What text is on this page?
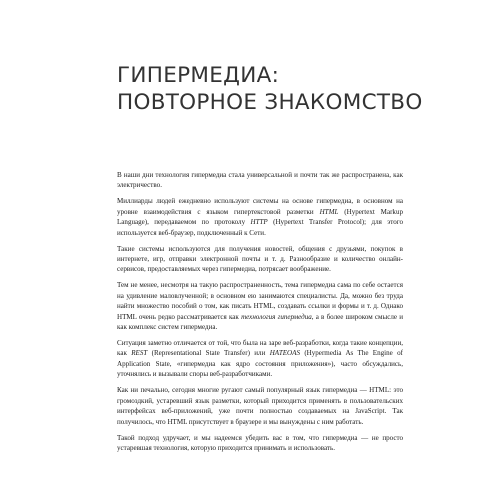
ГИПЕРМЕДИА:
ПОВТОРНОЕ ЗНАКОМСТВО

В наши дни технология гипермедиа стала универсальной и почти так же распространена, как электричество.

Миллиарды людей ежедневно используют системы на основе гипермедиа, в основном на уровне взаимодействия с языком гипертекстовой разметки HTML (Hypertext Markup Language), передаваемом по протоколу HTTP (Hypertext Transfer Protocol); для этого используется веб-браузер, подключенный к Сети.

Такие системы используются для получения новостей, общения с друзьями, покупок в интернете, игр, отправки электронной почты и т. д. Разнообразие и количество онлайн-сервисов, предоставляемых через гипермедиа, потрясает воображение.

Тем не менее, несмотря на такую распространенность, тема гипермедиа сама по себе остается на удивление маловлученной; в основном ею занимаются специалисты. Да, можно без труда найти множество пособий о том, как писать HTML, создавать ссылки и формы и т. д. Однако HTML очень редко рассматривается как технология гипермедиа, а в более широком смысле и как комплекс систем гипермедиа.

Ситуация заметно отличается от той, что была на заре веб-разработки, когда такие концепции, как REST (Representational State Transfer) или HATEOAS (Hypermedia As The Engine of Application State, «гипермедиа как ядро состояния приложения»), часто обсуждались, уточнялись и вызывали споры веб-разработчиками.

Как ни печально, сегодня многие ругают самый популярный язык гипермедиа — HTML: это громоздкий, устаревший язык разметки, который приходится применять в пользовательских интерфейсах веб-приложений, уже почти полностью создаваемых на JavaScript. Так получилось, что HTML присутствует в браузере и мы вынуждены с ним работать.

Такой подход удручает, и мы надеемся убедить вас в том, что гипермедиа — не просто устаревшая технология, которую приходится принимать и использовать.
